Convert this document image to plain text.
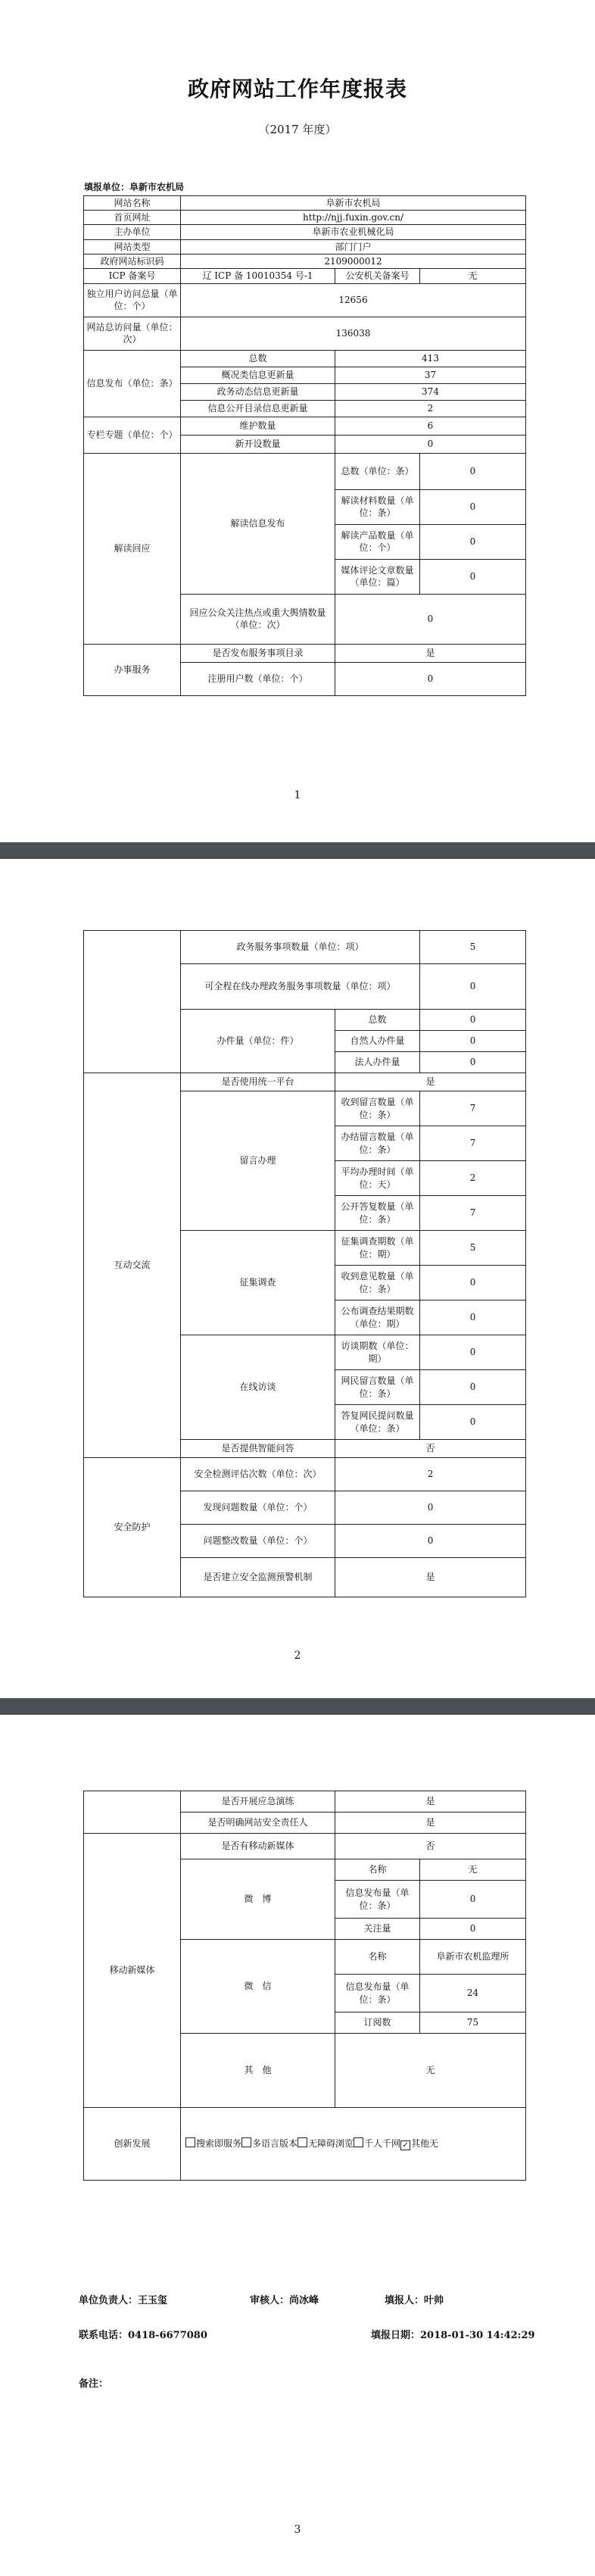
政府网站工作年度报表
（2017 年度）
填报单位：阜新市农机局
网站名称	阜新市农机局		
首页网址	http://njj.fuxin.gov.cn/		
主办单位	阜新市农业机械化局		
网站类型	部门门户		
政府网站标识码	2109000012		
ICP 备案号	辽 ICP 备 10010354 号-1	公安机关备案号	无
独立用户访问总量（单位：个）	12656		
网站总访问量（单位：次）	136038		
信息发布（单位：条）	总数	413	
	概况类信息更新量	37	
	政务动态信息更新量	374	
	信息公开目录信息更新量	2	
专栏专题（单位：个）	维护数量	6	
	新开设数量	0	
解读回应	解读信息发布	总数（单位：条）	0
		解读材料数量（单位：条）	0
		解读产品数量（单位：个）	0
		媒体评论文章数量（单位：篇）	0
	回应公众关注热点或重大舆情数量（单位：次）	0	
办事服务	是否发布服务事项目录	是	
	注册用户数（单位：个）	0	
1
	政务服务事项数量（单位：项）		5
	可全程在线办理政务服务事项数量（单位：项）		0
	办件量（单位：件）	总数	0
		自然人办件量	0
		法人办件量	0
互动交流	是否使用统一平台	是	
	留言办理	收到留言数量（单位：条）	7
		办结留言数量（单位：条）	7
		平均办理时间（单位：天）	2
		公开答复数量（单位：条）	7
	征集调查	征集调查期数（单位：期）	5
		收到意见数量（单位：条）	0
		公布调查结果期数（单位：期）	0
	在线访谈	访谈期数（单位：期）	0
		网民留言数量（单位：条）	0
		答复网民提问数量（单位：条）	0
	是否提供智能问答	否	
安全防护	安全检测评估次数（单位：次）	2	
	发现问题数量（单位：个）	0	
	问题整改数量（单位：个）	0	
	是否建立安全监测预警机制	是	
2
	是否开展应急演练	是	
	是否明确网站安全责任人	是	
移动新媒体	是否有移动新媒体	否	
	微　博	名称	无
		信息发布量（单位：条）	0
		关注量	0
	微　信	名称	阜新市农机监理所
		信息发布量（单位：条）	24
		订阅数	75
	其　他	无	
创新发展	搜索即服务 多语言版本 无障碍浏览 千人千网 ✓ 其他无		
单位负责人：王玉玺	审核人：尚冰峰	填报人：叶帅
联系电话：0418-6677080	填报日期：2018-01-30 14:42:29
备注：
3
